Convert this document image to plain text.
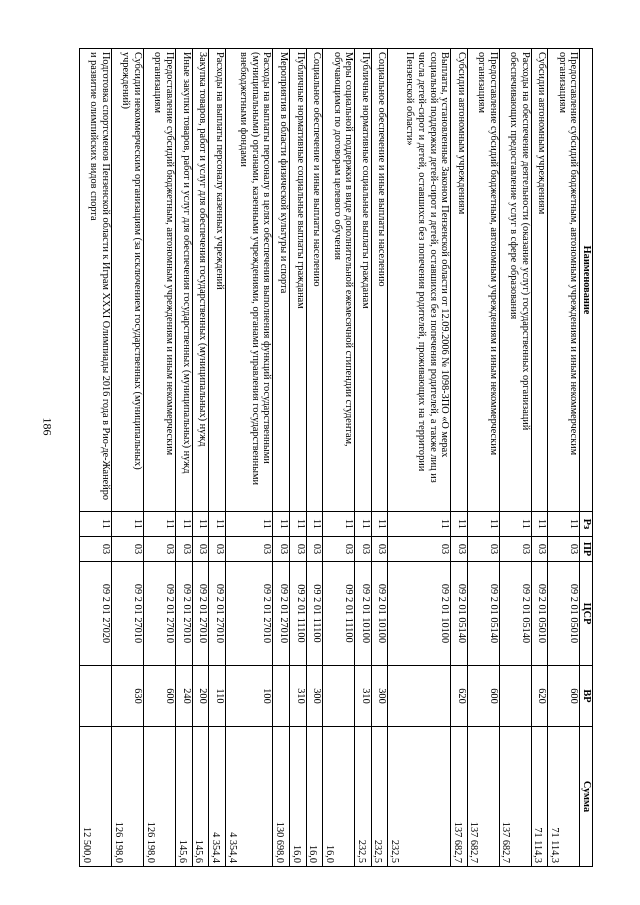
186
Наименование	Рз	ПР	ЦСР	ВР	Сумма
Предоставление субсидий бюджетным, автономным учреждениям и иным некоммерческим организациям	11	03	09 2 01 05010	600	71 114,3
Субсидии автономным учреждениям	11	03	09 2 01 05010	620	71 114,3
Расходы на обеспечение деятельности (оказание услуг) государственных организаций обеспечивающих предоставление услуг в сфере образования	11	03	09 2 01 05140		137 682,7
Предоставление субсидий бюджетным, автономным учреждениям и иным некоммерческим организациям	11	03	09 2 01 05140	600	137 682,7
Субсидии автономным учреждениям	11	03	09 2 01 05140	620	137 682,7
Выплаты, установленные Законом Пензенской области от 12.09.2006 № 1098-ЗПО «О мерах социальной поддержки детей-сирот и детей, оставшихся без попечения родителей, а также лиц из числа детей-сирот и детей, оставшихся без попечения родителей, проживающих на территории Пензенской области»	11	03	09 2 01 10100		232,5
Социальное обеспечение и иные выплаты населению	11	03	09 2 01 10100	300	232,5
Публичные нормативные социальные выплаты гражданам	11	03	09 2 01 10100	310	232,5
Меры социальной поддержки в виде дополнительной ежемесячной стипендии студентам, обучающимся по договорам целевого обучения	11	03	09 2 01 11100		16,0
Социальное обеспечение и иные выплаты населению	11	03	09 2 01 11100	300	16,0
Публичные нормативные социальные выплаты гражданам	11	03	09 2 01 11100	310	16,0
Мероприятия в области физической культуры и спорта	11	03	09 2 01 27010		130 698,0
Расходы на выплаты персоналу в целях обеспечения выполнения функций государственными (муниципальными) органами, казенными учреждениями, органами управления государственными внебюджетными фондами	11	03	09 2 01 27010	100	4 354,4
Расходы на выплаты персоналу казенных учреждений	11	03	09 2 01 27010	110	4 354,4
Закупка товаров, работ и услуг для обеспечения государственных (муниципальных) нужд	11	03	09 2 01 27010	200	145,6
Иные закупки товаров, работ и услуг для обеспечения государственных (муниципальных) нужд	11	03	09 2 01 27010	240	145,6
Предоставление субсидий бюджетным, автономным учреждениям и иным некоммерческим организациям	11	03	09 2 01 27010	600	126 198,0
Субсидии некоммерческим организациям (за исключением государственных (муниципальных) учреждений)	11	03	09 2 01 27010	630	126 198,0
Подготовка спортсменов Пензенской области к Играм XXXI Олимпиады 2016 года в Рио-де-Жанейро и развитие олимпийских видов спорта	11	03	09 2 01 27020		12 500,0
